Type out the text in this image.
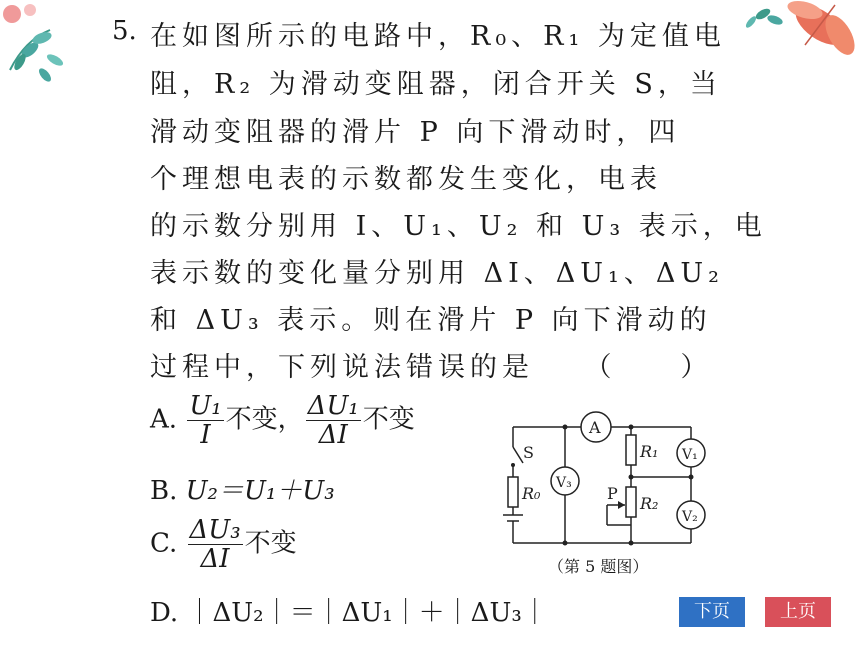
5. 在如图所示的电路中，R₀、R₁ 为定值电
阻，R₂ 为滑动变阻器，闭合开关 S，当
滑动变阻器的滑片 P 向下滑动时，四
个理想电表的示数都发生变化，电表
的示数分别用 I、U₁、U₂ 和 U₃ 表示，电
表示数的变化量分别用 ΔI、ΔU₁、ΔU₂
和 ΔU₃ 表示。则在滑片 P 向下滑动的
过程中，下列说法错误的是　　（　　）
A. $\frac{\text{U₁}}{I}$ 不变， $\frac{\text{ΔU₁}}{\Delta I}$ 不变
B. U₂＝U₁＋U₃
C. $\frac{\text{ΔU₃}}{\Delta I}$ 不变
D. ｜ΔU₂｜＝｜ΔU₁｜＋｜ΔU₃｜
S
R₀
R₁
R₂
P
A
V₁
V₂
V₃
（第 5 题图）
下页	上页
